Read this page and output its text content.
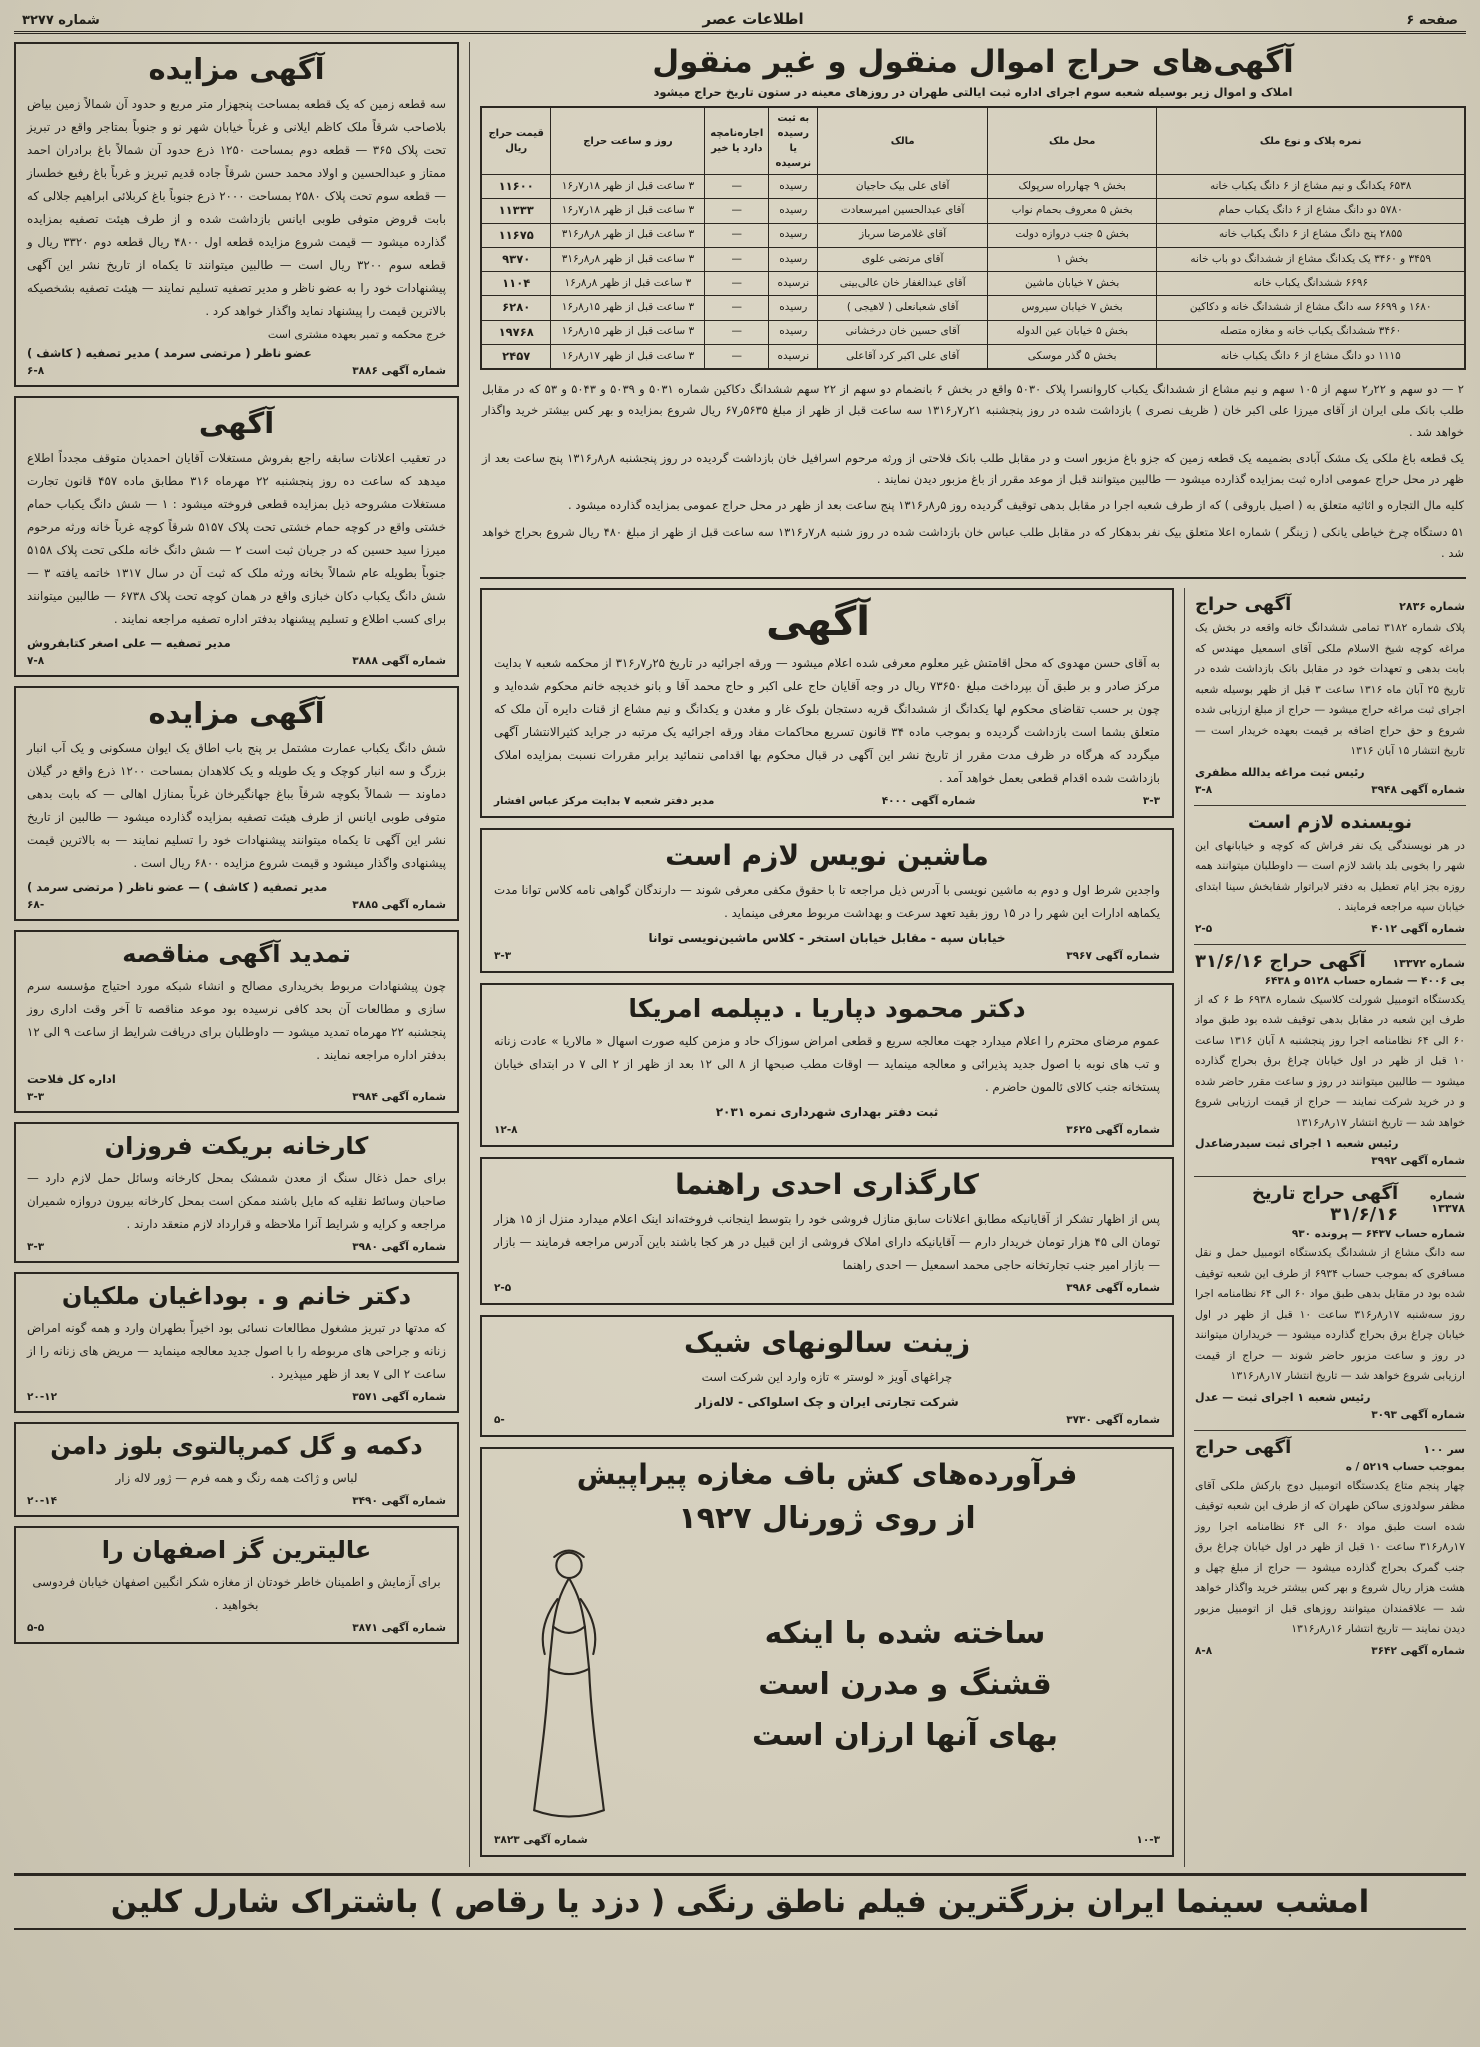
صفحه ۶
اطلاعات عصر
شماره ۳۲۷۷
آگهی‌های حراج اموال منقول و غیر منقول
املاک و اموال زیر بوسیله شعبه سوم اجرای اداره ثبت ایالتی طهران در روزهای معینه در ستون تاریخ حراج میشود
نمره پلاک و نوع ملک	محل ملک	مالک	به ثبت رسیده یا نرسیده	اجاره‌نامچه دارد یا خیر	روز و ساعت حراج	قیمت حراج ریال
۶۵۳۸ یکدانگ و نیم مشاع از ۶ دانگ یکباب خانه	بخش ۹ چهارراه سرپولک	آقای علی بیک حاجیان	رسیده	—	۳ ساعت قبل از ظهر ۱۸ر۷ر۱۶	۱۱۶۰۰
۵۷۸۰ دو دانگ مشاع از ۶ دانگ یکباب حمام	بخش ۵ معروف بحمام نواب	آقای عبدالحسین امیرسعادت	رسیده	—	۳ ساعت قبل از ظهر ۱۸ر۷ر۱۶	۱۱۳۳۳
۲۸۵۵ پنج دانگ مشاع از ۶ دانگ یکباب خانه	بخش ۵ جنب دروازه دولت	آقای غلامرضا سرباز	رسیده	—	۳ ساعت قبل از ظهر ۸ر۸ر۳۱۶	۱۱۶۷۵
۳۴۵۹ و ۳۴۶۰ یک یکدانگ مشاع از ششدانگ دو باب خانه	بخش ۱	آقای مرتضی علوی	رسیده	—	۳ ساعت قبل از ظهر ۸ر۸ر۳۱۶	۹۳۷۰
۶۶۹۶ ششدانگ یکباب خانه	بخش ۷ خیابان ماشین	آقای عبدالغفار خان عالی‌بینی	نرسیده	—	۳ ساعت قبل از ظهر ۸ر۸ر۱۶	۱۱۰۴
۱۶۸۰ و ۶۶۹۹ سه دانگ مشاع از ششدانگ خانه و دکاکین	بخش ۷ خیابان سیروس	آقای شعبانعلی ( لاهیجی )	رسیده	—	۳ ساعت قبل از ظهر ۱۵ر۸ر۱۶	۶۲۸۰
۳۴۶۰ ششدانگ یکباب خانه و مغازه متصله	بخش ۵ خیابان عین الدوله	آقای حسین خان درخشانی	رسیده	—	۳ ساعت قبل از ظهر ۱۵ر۸ر۱۶	۱۹۷۶۸
۱۱۱۵ دو دانگ مشاع از ۶ دانگ یکباب خانه	بخش ۵ گذر موسکی	آقای علی اکبر کرد آقاعلی	نرسیده	—	۳ ساعت قبل از ظهر ۱۷ر۸ر۱۶	۲۴۵۷

۲ — دو سهم و ۲۲ر۲ سهم از ۱۰۵ سهم و نیم مشاع از ششدانگ یکباب کاروانسرا پلاک ۵۰۳۰ واقع در بخش ۶ بانضمام دو سهم از ۲۲ سهم ششدانگ دکاکین شماره ۵۰۳۱ و ۵۰۳۹ و ۵۰۴۳ و ۵۳ که در مقابل طلب بانک ملی ایران از آقای میرزا علی اکبر خان ( ظریف نصری ) بازداشت شده در روز پنجشنبه ۲۱ر۷ر۱۳۱۶ سه ساعت قبل از ظهر از مبلغ ۵۶۳۵ر۶۷ ریال شروع بمزایده و بهر کس بیشتر خرید واگذار خواهد شد .

یک قطعه باغ ملکی یک مشک آبادی بضمیمه یک قطعه زمین که جزو باغ مزبور است و در مقابل طلب بانک فلاحتی از ورثه مرحوم اسرافیل خان بازداشت گردیده در روز پنجشنبه ۸ر۸ر۱۳۱۶ پنج ساعت بعد از ظهر در محل حراج عمومی اداره ثبت بمزایده گذارده میشود — طالبین میتوانند قبل از موعد مقرر از باغ مزبور دیدن نمایند .

کلیه مال التجاره و اثاثیه متعلق به ( اصیل باروقی ) که از طرف شعبه اجرا در مقابل بدهی توقیف گردیده روز ۵ر۸ر۱۳۱۶ پنج ساعت بعد از ظهر در محل حراج عمومی بمزایده گذارده میشود .

۵۱ دستگاه چرخ خیاطی یانکی ( زینگر ) شماره اعلا متعلق بیک نفر بدهکار که در مقابل طلب عباس خان بازداشت شده در روز شنبه ۸ر۷ر۱۳۱۶ سه ساعت قبل از ظهر از مبلغ ۴۸۰ ریال شروع بحراج خواهد شد .

شماره ۲۸۳۶
آگهی حراج
پلاک شماره ۳۱۸۲ تمامی ششدانگ خانه واقعه در بخش یک مراغه کوچه شیخ الاسلام ملکی آقای اسمعیل مهندس که بابت بدهی و تعهدات خود در مقابل بانک بازداشت شده در تاریخ ۲۵ آبان ماه ۱۳۱۶ ساعت ۳ قبل از ظهر بوسیله شعبه اجرای ثبت مراغه حراج میشود — حراج از مبلغ ارزیابی شده شروع و حق حراج اضافه بر قیمت بعهده خریدار است — تاریخ انتشار ۱۵ آبان ۱۳۱۶
رئیس ثبت مراغه یدالله مظفری
شماره آگهی ۳۹۴۸
۳-۸
نویسنده لازم است
در هر نویسندگی یک نفر فراش که کوچه و خیابانهای این شهر را بخوبی بلد باشد لازم است — داوطلبان میتوانند همه روزه بجز ایام تعطیل به دفتر لابراتوار شفابخش سینا ابتدای خیابان سپه مراجعه فرمایند .
شماره آگهی ۴۰۱۲
۲-۵
شماره ۱۳۳۷۲
آگهی حراج ۳۱/۶/۱۶
بی ۴۰۰۶ — شماره حساب ۵۱۲۸ و ۶۴۳۸
یکدستگاه اتومبیل شورلت کلاسیک شماره ۶۹۳۸ ط ۶ که از طرف این شعبه در مقابل بدهی توقیف شده بود طبق مواد ۶۰ الی ۶۴ نظامنامه اجرا روز پنجشنبه ۸ آبان ۱۳۱۶ ساعت ۱۰ قبل از ظهر در اول خیابان چراغ برق بحراج گذارده میشود — طالبین میتوانند در روز و ساعت مقرر حاضر شده و در خرید شرکت نمایند — حراج از قیمت ارزیابی شروع خواهد شد — تاریخ انتشار ۱۷ر۸ر۱۳۱۶
رئیس شعبه ۱ اجرای ثبت سیدرضاعدل
شماره آگهی ۳۹۹۲
شماره ۱۳۳۷۸
آگهی حراج تاریخ ۳۱/۶/۱۶
شماره حساب ۶۴۳۷ — پرونده ۹۳۰
سه دانگ مشاع از ششدانگ یکدستگاه اتومبیل حمل و نقل مسافری که بموجب حساب ۶۹۳۴ از طرف این شعبه توقیف شده بود در مقابل بدهی طبق مواد ۶۰ الی ۶۴ نظامنامه اجرا روز سه‌شنبه ۱۷ر۸ر۳۱۶ ساعت ۱۰ قبل از ظهر در اول خیابان چراغ برق بحراج گذارده میشود — خریداران میتوانند در روز و ساعت مزبور حاضر شوند — حراج از قیمت ارزیابی شروع خواهد شد — تاریخ انتشار ۱۷ر۸ر۱۳۱۶
رئیس شعبه ۱ اجرای ثبت — عدل
شماره آگهی ۳۰۹۳
سر ۱۰۰
آگهی حراج
بموجب حساب ۵۲۱۹ / ه
چهار پنجم متاع یکدستگاه اتومبیل دوج بارکش ملکی آقای مظفر سولدوزی ساکن طهران که از طرف این شعبه توقیف شده است طبق مواد ۶۰ الی ۶۴ نظامنامه اجرا روز ۱۷ر۸ر۳۱۶ ساعت ۱۰ قبل از ظهر در اول خیابان چراغ برق جنب گمرک بحراج گذارده میشود — حراج از مبلغ چهل و هشت هزار ریال شروع و بهر کس بیشتر خرید واگذار خواهد شد — علاقمندان میتوانند روزهای قبل از اتومبیل مزبور دیدن نمایند — تاریخ انتشار ۱۶ر۸ر۱۳۱۶
شماره آگهی ۳۶۴۲
۸-۸
آگهی
به آقای حسن مهدوی که محل اقامتش غیر معلوم معرفی شده اعلام میشود — ورقه اجرائیه در تاریخ ۲۵ر۷ر۳۱۶ از محکمه شعبه ۷ بدایت مرکز صادر و بر طبق آن بپرداخت مبلغ ۷۳۶۵۰ ریال در وجه آقایان حاج علی اکبر و حاج محمد آقا و بانو خدیجه خانم محکوم شده‌اید و چون بر حسب تقاضای محکوم لها یکدانگ از ششدانگ قریه دستجان بلوک غار و مغدن و یکدانگ و نیم مشاع از قنات دایره آن ملک که متعلق بشما است بازداشت گردیده و بموجب ماده ۳۴ قانون تسریع محاکمات مفاد ورقه اجرائیه یک مرتبه در جراید کثیرالانتشار آگهی میگردد که هرگاه در ظرف مدت مقرر از تاریخ نشر این آگهی در قبال محکوم بها اقدامی ننمائید برابر مقررات نسبت بمزایده املاک بازداشت شده اقدام قطعی بعمل خواهد آمد .
۳-۳
شماره آگهی ۴۰۰۰
مدیر دفتر شعبه ۷ بدایت مرکز عباس افشار
ماشین نویس لازم است
واجدین شرط اول و دوم به ماشین نویسی با آدرس ذیل مراجعه تا با حقوق مکفی معرفی شوند — دارندگان گواهی نامه کلاس توانا مدت یکماهه ادارات این شهر را در ۱۵ روز بقید تعهد سرعت و بهداشت مربوط معرفی مینماید .
خیابان سپه - مقابل خیابان استخر - کلاس ماشین‌نویسی توانا
شماره آگهی ۳۹۶۷
۳-۳
دکتر محمود دپاریا . دیپلمه امریکا
عموم مرضای محترم را اعلام میدارد جهت معالجه سریع و قطعی امراض سوزاک حاد و مزمن کلیه صورت اسهال « مالاریا » عادت زنانه و تب های نوبه با اصول جدید پذیرائی و معالجه مینماید — اوقات مطب صبحها از ۸ الی ۱۲ بعد از ظهر از ۲ الی ۷ در ابتدای خیابان پستخانه جنب کالای ئالمون حاضرم .
ثبت دفتر بهداری شهرداری نمره ۲۰۳۱
شماره آگهی ۳۶۲۵
۱۲-۸
کارگذاری احدی راهنما
پس از اظهار تشکر از آقایانیکه مطابق اعلانات سابق منازل فروشی خود را بتوسط اینجانب فروخته‌اند اینک اعلام میدارد منزل از ۱۵ هزار تومان الی ۴۵ هزار تومان خریدار دارم — آقایانیکه دارای املاک فروشی از این قبیل در هر کجا باشند باین آدرس مراجعه فرمایند — بازار — بازار امیر جنب تجارتخانه حاجی محمد اسمعیل — احدی راهنما
شماره آگهی ۳۹۸۶
۲-۵
زینت سالونهای شیک
چراغهای آویز « لوستر » تازه وارد این شرکت است
شرکت تجارتی ایران و چک اسلواکی - لاله‌زار
شماره آگهی ۳۷۳۰
-۵
فرآورده‌های کش باف مغازه پیراپیش
از روی ژورنال ۱۹۲۷
ساخته شده با اینکه
قشنگ و مدرن است
بهای آنها ارزان است
۱۰-۳
شماره آگهی ۳۸۲۳
آگهی مزایده
سه قطعه زمین که یک قطعه بمساحت پنجهزار متر مربع و حدود آن شمالاً زمین بیاض بلاصاحب شرقاً ملک کاظم ایلانی و غرباً خیابان شهر نو و جنوباً بمتاجر واقع در تبریز تحت پلاک ۳۶۵ — قطعه دوم بمساحت ۱۲۵۰ ذرع حدود آن شمالاً باغ برادران احمد ممتاز و عبدالحسین و اولاد محمد حسن شرقاً جاده قدیم تبریز و غرباً باغ رفیع خطساز — قطعه سوم تحت پلاک ۲۵۸۰ بمساحت ۲۰۰۰ ذرع جنوباً باغ کربلائی ابراهیم جلالی که بابت قروض متوفی طوبی ایانس بازداشت شده و از طرف هیئت تصفیه بمزایده گذارده میشود — قیمت شروع مزایده قطعه اول ۴۸۰۰ ریال قطعه دوم ۳۳۲۰ ریال و قطعه سوم ۳۲۰۰ ریال است — طالبین میتوانند تا یکماه از تاریخ نشر این آگهی پیشنهادات خود را به عضو ناظر و مدیر تصفیه تسلیم نمایند — هیئت تصفیه بشخصیکه بالاترین قیمت را پیشنهاد نماید واگذار خواهد کرد .
خرج محکمه و تمبر بعهده مشتری است
عضو ناظر ( مرتضی سرمد ) مدیر تصفیه ( کاشف )
شماره آگهی ۳۸۸۶
۶-۸
آگهی
در تعقیب اعلانات سابقه راجع بفروش مستغلات آقایان احمدیان متوقف مجدداً اطلاع میدهد که ساعت ده روز پنجشنبه ۲۲ مهرماه ۳۱۶ مطابق ماده ۴۵۷ قانون تجارت مستغلات مشروحه ذیل بمزایده قطعی فروخته میشود : ۱ — شش دانگ یکباب حمام خشتی واقع در کوچه حمام خشتی تحت پلاک ۵۱۵۷ شرقاً کوچه غرباً خانه ورثه مرحوم میرزا سید حسین که در جریان ثبت است ۲ — شش دانگ خانه ملکی تحت پلاک ۵۱۵۸ جنوباً بطویله عام شمالاً بخانه ورثه ملک که ثبت آن در سال ۱۳۱۷ خاتمه یافته ۳ — شش دانگ یکباب دکان خبازی واقع در همان کوچه تحت پلاک ۶۷۳۸ — طالبین میتوانند برای کسب اطلاع و تسلیم پیشنهاد بدفتر اداره تصفیه مراجعه نمایند .
مدیر تصفیه — علی اصغر کتابفروش
شماره آگهی ۳۸۸۸
۷-۸
آگهی مزایده
شش دانگ یکباب عمارت مشتمل بر پنج باب اطاق یک ایوان مسکونی و یک آب انبار بزرگ و سه انبار کوچک و یک طویله و یک کلاهدان بمساحت ۱۲۰۰ ذرع واقع در گیلان دماوند — شمالاً بکوچه شرقاً بباغ جهانگیرخان غرباً بمنازل اهالی — که بابت بدهی متوفی طوبی ایانس از طرف هیئت تصفیه بمزایده گذارده میشود — طالبین از تاریخ نشر این آگهی تا یکماه میتوانند پیشنهادات خود را تسلیم نمایند — به بالاترین قیمت پیشنهادی واگذار میشود و قیمت شروع مزایده ۶۸۰۰ ریال است .
مدیر تصفیه ( کاشف ) — عضو ناظر ( مرتضی سرمد )
شماره آگهی ۳۸۸۵
-۶۸
تمدید آگهی مناقصه
چون پیشنهادات مربوط بخریداری مصالح و انشاء شبکه مورد احتیاج مؤسسه سرم سازی و مطالعات آن بحد کافی نرسیده بود موعد مناقصه تا آخر وقت اداری روز پنجشنبه ۲۲ مهرماه تمدید میشود — داوطلبان برای دریافت شرایط از ساعت ۹ الی ۱۲ بدفتر اداره مراجعه نمایند .
اداره کل فلاحت
شماره آگهی ۳۹۸۴
۳-۳
کارخانه بریکت فروزان
برای حمل ذغال سنگ از معدن شمشک بمحل کارخانه وسائل حمل لازم دارد — صاحبان وسائط نقلیه که مایل باشند ممکن است بمحل کارخانه بیرون دروازه شمیران مراجعه و کرایه و شرایط آنرا ملاحظه و قرارداد لازم منعقد دارند .
شماره آگهی ۳۹۸۰
۳-۳
دکتر خانم و . بوداغیان ملکیان
که مدتها در تبریز مشغول مطالعات نسائی بود اخیراً بطهران وارد و همه گونه امراض زنانه و جراحی های مربوطه را با اصول جدید معالجه مینماید — مریض های زنانه را از ساعت ۲ الی ۷ بعد از ظهر میپذیرد .
شماره آگهی ۳۵۷۱
۲۰-۱۲
دکمه و گل کمرپالتوی بلوز دامن
لباس و ژاکت همه رنگ و همه فرم — ژور لاله زار
شماره آگهی ۳۴۹۰
۲۰-۱۴
عالیترین گز اصفهان را
برای آزمایش و اطمینان خاطر خودتان از مغازه شکر انگبین اصفهان خیابان فردوسی بخواهید .
شماره آگهی ۳۸۷۱
۵-۵
امشب سینما ایران بزرگترین فیلم ناطق رنگی ( دزد یا رقاص ) باشتراک شارل کلین
